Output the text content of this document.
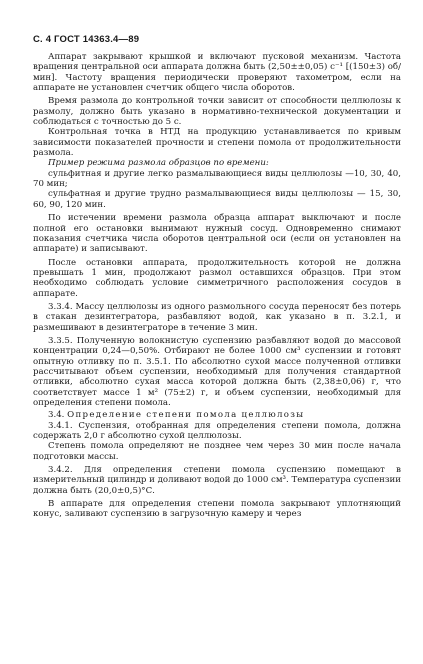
С. 4 ГОСТ 14363.4—89

Аппарат закрывают крышкой и включают пусковой механизм. Частота вращения центральной оси аппарата должна быть (2,50±±0,05) с⁻¹ [(150±3) об/мин]. Частоту вращения периодически проверяют тахометром, если на аппарате не установлен счетчик общего числа оборотов.

Время размола до контрольной точки зависит от способности целлюлозы к размолу, должно быть указано в нормативно-технической документации и соблюдаться с точностью до 5 с.

Контрольная точка в НТД на продукцию устанавливается по кривым зависимости показателей прочности и степени помола от продолжительности размола.

Пример режима размола образцов по времени:

сульфитная и другие легко размалывающиеся виды целлюлозы —10, 30, 40, 70 мин;

сульфатная и другие трудно размалывающиеся виды целлюлозы — 15, 30, 60, 90, 120 мин.

По истечении времени размола образца аппарат выключают и после полной его остановки вынимают нужный сосуд. Одновременно снимают показания счетчика числа оборотов центральной оси (если он установлен на аппарате) и записывают.

После остановки аппарата, продолжительность которой не должна превышать 1 мин, продолжают размол оставшихся образцов. При этом необходимо соблюдать условие симметричного расположения сосудов в аппарате.

3.3.4. Массу целлюлозы из одного размольного сосуда переносят без потерь в стакан дезинтегратора, разбавляют водой, как указано в п. 3.2.1, и размешивают в дезинтеграторе в течение 3 мин.

3.3.5. Полученную волокнистую суспензию разбавляют водой до массовой концентрации 0,24—0,50%. Отбирают не более 1000 см³ суспензии и готовят опытную отливку по п. 3.5.1. По абсолютно сухой массе полученной отливки рассчитывают объем суспензии, необходимый для получения стандартной отливки, абсолютно сухая масса которой должна быть (2,38±0,06) г, что соответствует массе 1 м² (75±2) г, и объем суспензии, необходимый для определения степени помола.

3.4. Определение степени помола целлюлозы

3.4.1. Суспензия, отобранная для определения степени помола, должна содержать 2,0 г абсолютно сухой целлюлозы.

Степень помола определяют не позднее чем через 30 мин после начала подготовки массы.

3.4.2. Для определения степени помола суспензию помещают в измерительный цилиндр и доливают водой до 1000 см³. Температура суспензии должна быть (20,0±0,5)°С.

В аппарате для определения степени помола закрывают уплотняющий конус, заливают суспензию в загрузочную камеру и через
